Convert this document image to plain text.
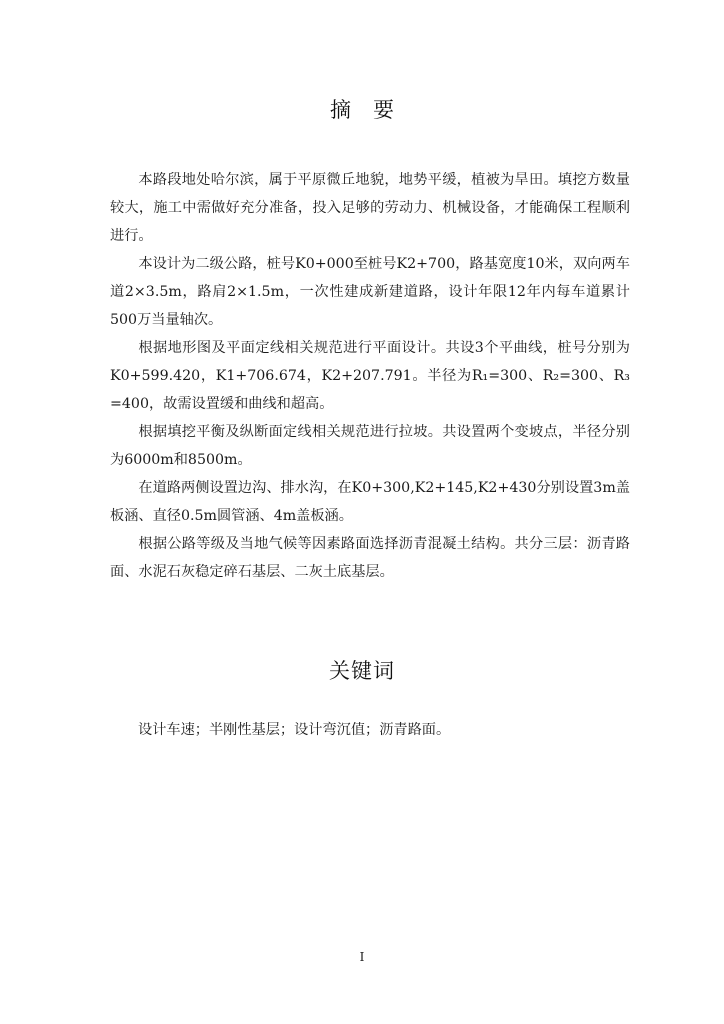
摘要

本路段地处哈尔滨，属于平原微丘地貌，地势平缓，植被为旱田。填挖方数量较大，施工中需做好充分准备，投入足够的劳动力、机械设备，才能确保工程顺利进行。

本设计为二级公路，桩号K0+000至桩号K2+700，路基宽度10米，双向两车道2×3.5m，路肩2×1.5m，一次性建成新建道路，设计年限12年内每车道累计500万当量轴次。

根据地形图及平面定线相关规范进行平面设计。共设3个平曲线，桩号分别为K0+599.420，K1+706.674，K2+207.791。半径为R₁=300、R₂=300、R₃ =400，故需设置缓和曲线和超高。

根据填挖平衡及纵断面定线相关规范进行拉坡。共设置两个变坡点，半径分别为6000m和8500m。

在道路两侧设置边沟、排水沟，在K0+300,K2+145,K2+430分别设置3m盖板涵、直径0.5m圆管涵、4m盖板涵。

根据公路等级及当地气候等因素路面选择沥青混凝土结构。共分三层：沥青路面、水泥石灰稳定碎石基层、二灰土底基层。

关键词
设计车速；半刚性基层；设计弯沉值；沥青路面。
I
